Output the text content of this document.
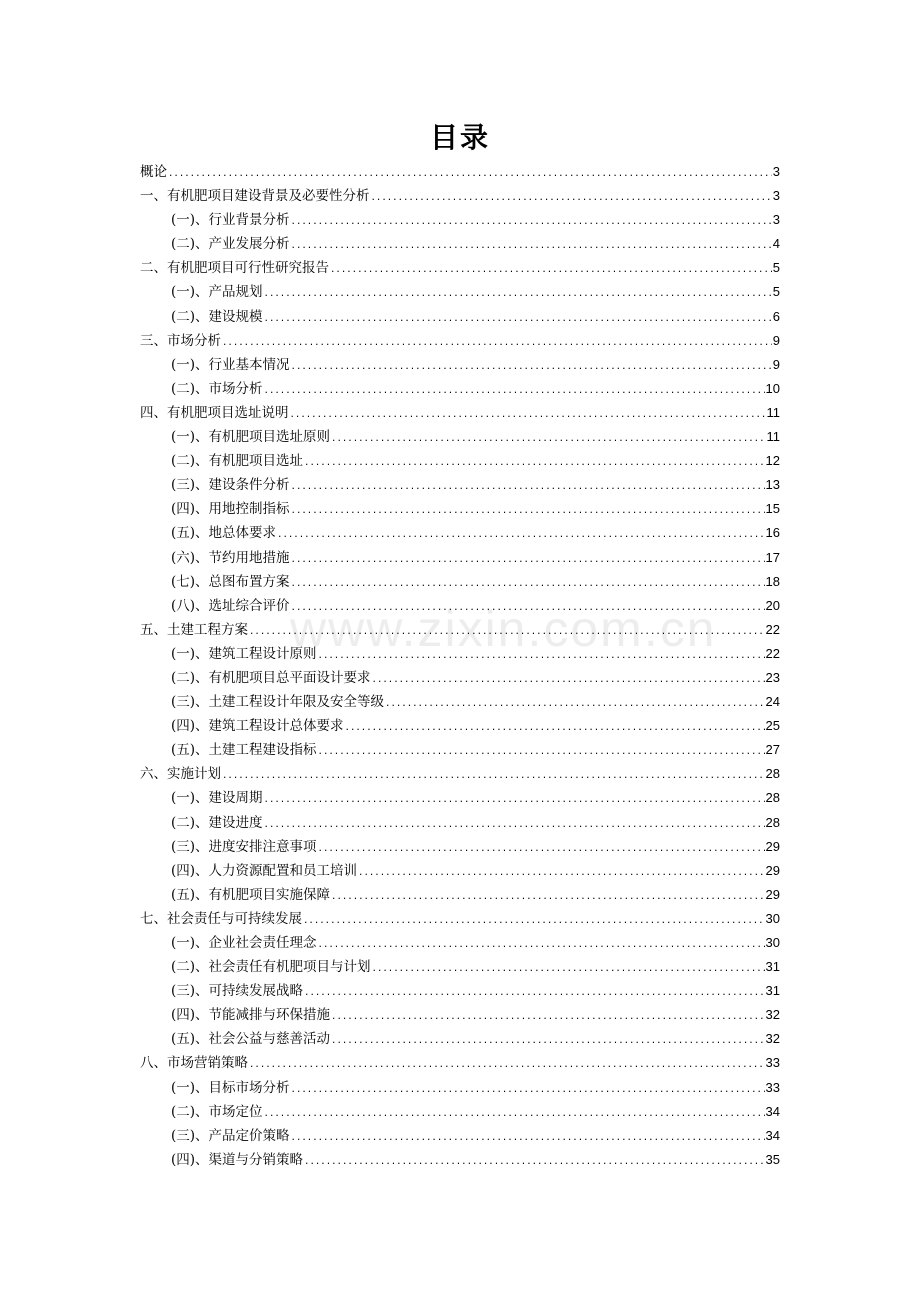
目录
概论 .....	3
一、有机肥项目建设背景及必要性分析 .....	3
(一)、行业背景分析 .....	3
(二)、产业发展分析 .....	4
二、有机肥项目可行性研究报告 .....	5
(一)、产品规划 .....	5
(二)、建设规模 .....	6
三、市场分析 .....	9
(一)、行业基本情况 .....	9
(二)、市场分析 .....	10
四、有机肥项目选址说明 .....	11
(一)、有机肥项目选址原则 .....	11
(二)、有机肥项目选址 .....	12
(三)、建设条件分析 .....	13
(四)、用地控制指标 .....	15
(五)、地总体要求 .....	16
(六)、节约用地措施 .....	17
(七)、总图布置方案 .....	18
(八)、选址综合评价 .....	20
五、土建工程方案 .....	22
(一)、建筑工程设计原则 .....	22
(二)、有机肥项目总平面设计要求 .....	23
(三)、土建工程设计年限及安全等级 .....	24
(四)、建筑工程设计总体要求 .....	25
(五)、土建工程建设指标 .....	27
六、实施计划 .....	28
(一)、建设周期 .....	28
(二)、建设进度 .....	28
(三)、进度安排注意事项 .....	29
(四)、人力资源配置和员工培训 .....	29
(五)、有机肥项目实施保障 .....	29
七、社会责任与可持续发展 .....	30
(一)、企业社会责任理念 .....	30
(二)、社会责任有机肥项目与计划 .....	31
(三)、可持续发展战略 .....	31
(四)、节能减排与环保措施 .....	32
(五)、社会公益与慈善活动 .....	32
八、市场营销策略 .....	33
(一)、目标市场分析 .....	33
(二)、市场定位 .....	34
(三)、产品定价策略 .....	34
(四)、渠道与分销策略 .....	35
www.zixin.com.cn
